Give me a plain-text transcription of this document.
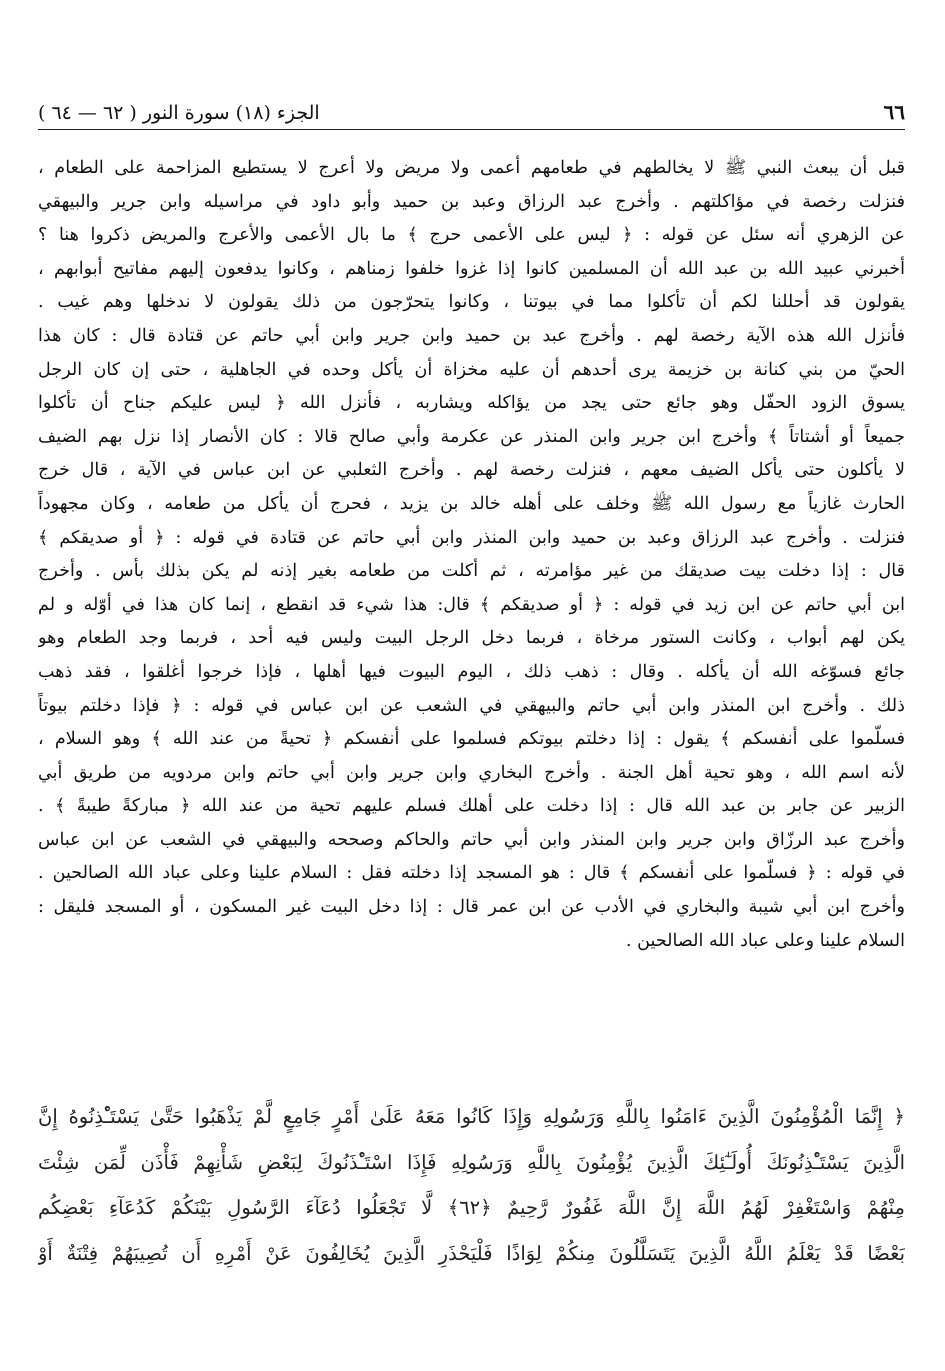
٦٦
الجزء (١٨) سورة النور ( ٦٢ — ٦٤ )
قبل أن يبعث النبي ﷺ لا يخالطهم في طعامهم أعمى ولا مريض ولا أعرج لا يستطيع المزاحمة على الطعام ،
فنزلت رخصة في مؤاكلتهم . وأخرج عبد الرزاق وعبد بن حميد وأبو داود في مراسيله وابن جرير والبيهقي
عن الزهري أنه سئل عن قوله : ﴿ ليس على الأعمى حرج ﴾ ما بال الأعمى والأعرج والمريض ذكروا هنا ؟
أخبرني عبيد الله بن عبد الله أن المسلمين كانوا إذا غزوا خلفوا زمناهم ، وكانوا يدفعون إليهم مفاتيح أبوابهم ،
يقولون قد أحللنا لكم أن تأكلوا مما في بيوتنا ، وكانوا يتحرّجون من ذلك يقولون لا ندخلها وهم غيب .
فأنزل الله هذه الآية رخصة لهم . وأخرج عبد بن حميد وابن جرير وابن أبي حاتم عن قتادة قال : كان هذا
الحيّ من بني كنانة بن خزيمة يرى أحدهم أن عليه مخزاة أن يأكل وحده في الجاهلية ، حتى إن كان الرجل
يسوق الزود الحفّل وهو جائع حتى يجد من يؤاكله ويشاربه ، فأنزل الله ﴿ ليس عليكم جناح أن تأكلوا
جميعاً أو أشتاتاً ﴾ وأخرج ابن جرير وابن المنذر عن عكرمة وأبي صالح قالا : كان الأنصار إذا نزل بهم الضيف
لا يأكلون حتى يأكل الضيف معهم ، فنزلت رخصة لهم . وأخرج الثعلبي عن ابن عباس في الآية ، قال خرج
الحارث غازياً مع رسول الله ﷺ وخلف على أهله خالد بن يزيد ، فحرج أن يأكل من طعامه ، وكان مجهوداً
فنزلت . وأخرج عبد الرزاق وعبد بن حميد وابن المنذر وابن أبي حاتم عن قتادة في قوله : ﴿ أو صديقكم ﴾
قال : إذا دخلت بيت صديقك من غير مؤامرته ، ثم أكلت من طعامه بغير إذنه لم يكن بذلك بأس . وأخرج
ابن أبي حاتم عن ابن زيد في قوله : ﴿ أو صديقكم ﴾ قال: هذا شيء قد انقطع ، إنما كان هذا في أوّله و لم
يكن لهم أبواب ، وكانت الستور مرخاة ، فربما دخل الرجل البيت وليس فيه أحد ، فربما وجد الطعام وهو
جائع فسوّغه الله أن يأكله . وقال : ذهب ذلك ، اليوم البيوت فيها أهلها ، فإذا خرجوا أغلقوا ، فقد ذهب
ذلك . وأخرج ابن المنذر وابن أبي حاتم والبيهقي في الشعب عن ابن عباس في قوله : ﴿ فإذا دخلتم بيوتاً
فسلّموا على أنفسكم ﴾ يقول : إذا دخلتم بيوتكم فسلموا على أنفسكم ﴿ تحيةً من عند الله ﴾ وهو السلام ،
لأنه اسم الله ، وهو تحية أهل الجنة . وأخرج البخاري وابن جرير وابن أبي حاتم وابن مردويه من طريق أبي
الزبير عن جابر بن عبد الله قال : إذا دخلت على أهلك فسلم عليهم تحية من عند الله ﴿ مباركةً طيبةً ﴾ .
وأخرج عبد الرزّاق وابن جرير وابن المنذر وابن أبي حاتم والحاكم وصححه والبيهقي في الشعب عن ابن عباس
في قوله : ﴿ فسلّموا على أنفسكم ﴾ قال : هو المسجد إذا دخلته فقل : السلام علينا وعلى عباد الله الصالحين .
وأخرج ابن أبي شيبة والبخاري في الأدب عن ابن عمر قال : إذا دخل البيت غير المسكون ، أو المسجد فليقل :
السلام علينا وعلى عباد الله الصالحين .
﴿ إِنَّمَا الْمُؤْمِنُونَ الَّذِينَ ءَامَنُوا بِاللَّهِ وَرَسُولِهِ وَإِذَا كَانُوا مَعَهُ عَلَىٰ أَمْرٍ جَامِعٍ لَّمْ يَذْهَبُوا حَتَّىٰ يَسْتَـْٔذِنُوهُ إِنَّ
الَّذِينَ يَسْتَـْٔذِنُونَكَ أُولَـٰٓئِكَ الَّذِينَ يُؤْمِنُونَ بِاللَّهِ وَرَسُولِهِ فَإِذَا اسْتَـْٔذَنُوكَ لِبَعْضِ شَأْنِهِمْ فَأْذَن لِّمَن شِئْتَ
مِنْهُمْ وَاسْتَغْفِرْ لَهُمُ اللَّهَ إِنَّ اللَّهَ غَفُورٌ رَّحِيمٌ ﴿٦٢﴾ لَّا تَجْعَلُوا دُعَآءَ الرَّسُولِ بَيْنَكُمْ كَدُعَآءِ بَعْضِكُم
بَعْضًا قَدْ يَعْلَمُ اللَّهُ الَّذِينَ يَتَسَلَّلُونَ مِنكُمْ لِوَاذًا فَلْيَحْذَرِ الَّذِينَ يُخَالِفُونَ عَنْ أَمْرِهِ أَن تُصِيبَهُمْ فِتْنَةٌ أَوْ
